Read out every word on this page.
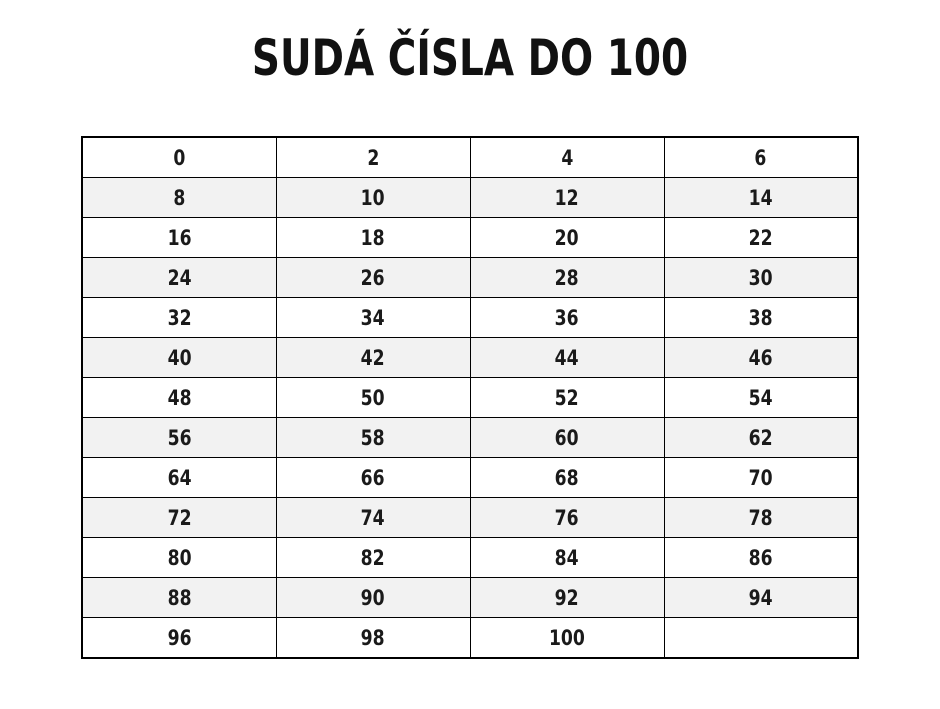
SUDÁ ČÍSLA DO 100
0	2	4	6
8	10	12	14
16	18	20	22
24	26	28	30
32	34	36	38
40	42	44	46
48	50	52	54
56	58	60	62
64	66	68	70
72	74	76	78
80	82	84	86
88	90	92	94
96	98	100	
